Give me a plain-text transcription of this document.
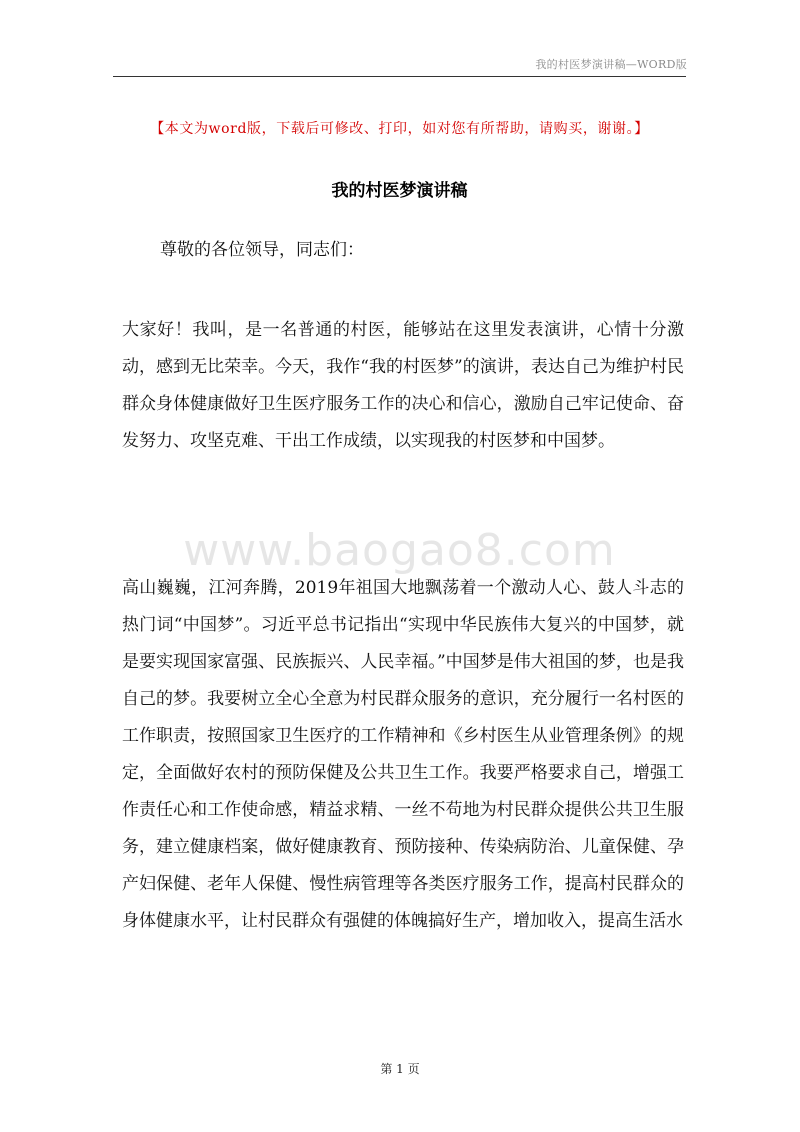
我的村医梦演讲稿—WORD版
【本文为word版，下载后可修改、打印，如对您有所帮助，请购买，谢谢。】
我的村医梦演讲稿

尊敬的各位领导，同志们：

大家好！我叫，是一名普通的村医，能够站在这里发表演讲，心情十分激动，感到无比荣幸。今天，我作“我的村医梦”的演讲，表达自己为维护村民群众身体健康做好卫生医疗服务工作的决心和信心，激励自己牢记使命、奋发努力、攻坚克难、干出工作成绩，以实现我的村医梦和中国梦。

www.baogao8.com

高山巍巍，江河奔腾，2019年祖国大地飘荡着一个激动人心、鼓人斗志的热门词“中国梦”。习近平总书记指出“实现中华民族伟大复兴的中国梦，就是要实现国家富强、民族振兴、人民幸福。”中国梦是伟大祖国的梦，也是我自己的梦。我要树立全心全意为村民群众服务的意识，充分履行一名村医的工作职责，按照国家卫生医疗的工作精神和《乡村医生从业管理条例》的规定，全面做好农村的预防保健及公共卫生工作。我要严格要求自己，增强工作责任心和工作使命感，精益求精、一丝不苟地为村民群众提供公共卫生服务，建立健康档案，做好健康教育、预防接种、传染病防治、儿童保健、孕产妇保健、老年人保健、慢性病管理等各类医疗服务工作，提高村民群众的身体健康水平，让村民群众有强健的体魄搞好生产，增加收入，提高生活水

第 1 页
